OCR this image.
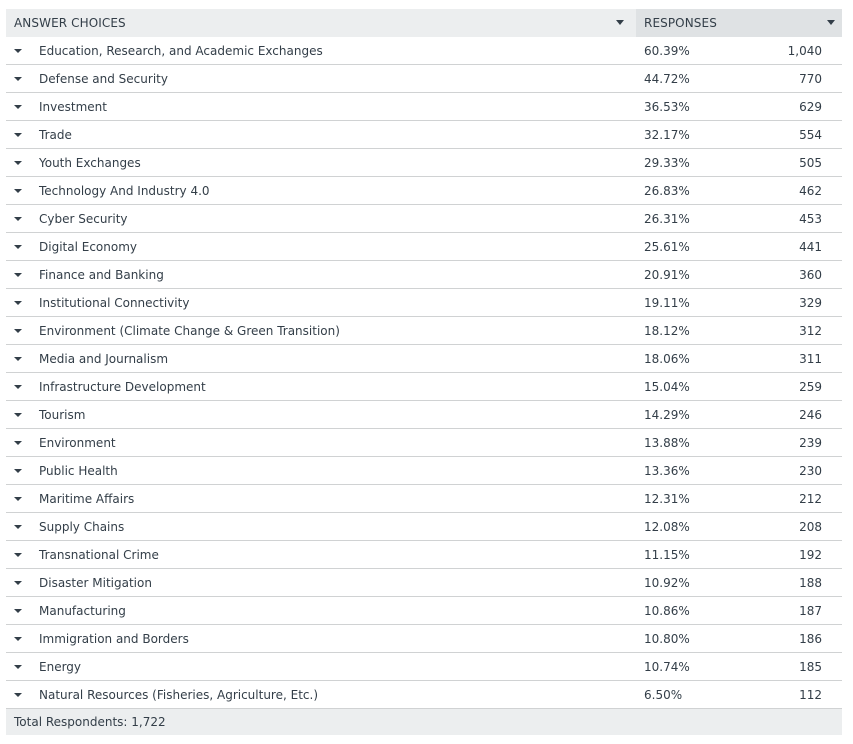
ANSWER CHOICES	RESPONSES

Education, Research, and Academic Exchanges	60.39% 1,040

Defense and Security	44.72% 770

Investment	36.53% 629

Trade	32.17% 554

Youth Exchanges	29.33% 505

Technology And Industry 4.0	26.83% 462

Cyber Security	26.31% 453

Digital Economy	25.61% 441

Finance and Banking	20.91% 360

Institutional Connectivity	19.11% 329

Environment (Climate Change & Green Transition)	18.12% 312

Media and Journalism	18.06% 311

Infrastructure Development	15.04% 259

Tourism	14.29% 246

Environment	13.88% 239

Public Health	13.36% 230

Maritime Affairs	12.31% 212

Supply Chains	12.08% 208

Transnational Crime	11.15% 192

Disaster Mitigation	10.92% 188

Manufacturing	10.86% 187

Immigration and Borders	10.80% 186

Energy	10.74% 185

Natural Resources (Fisheries, Agriculture, Etc.)	6.50% 112
Total Respondents: 1,722
